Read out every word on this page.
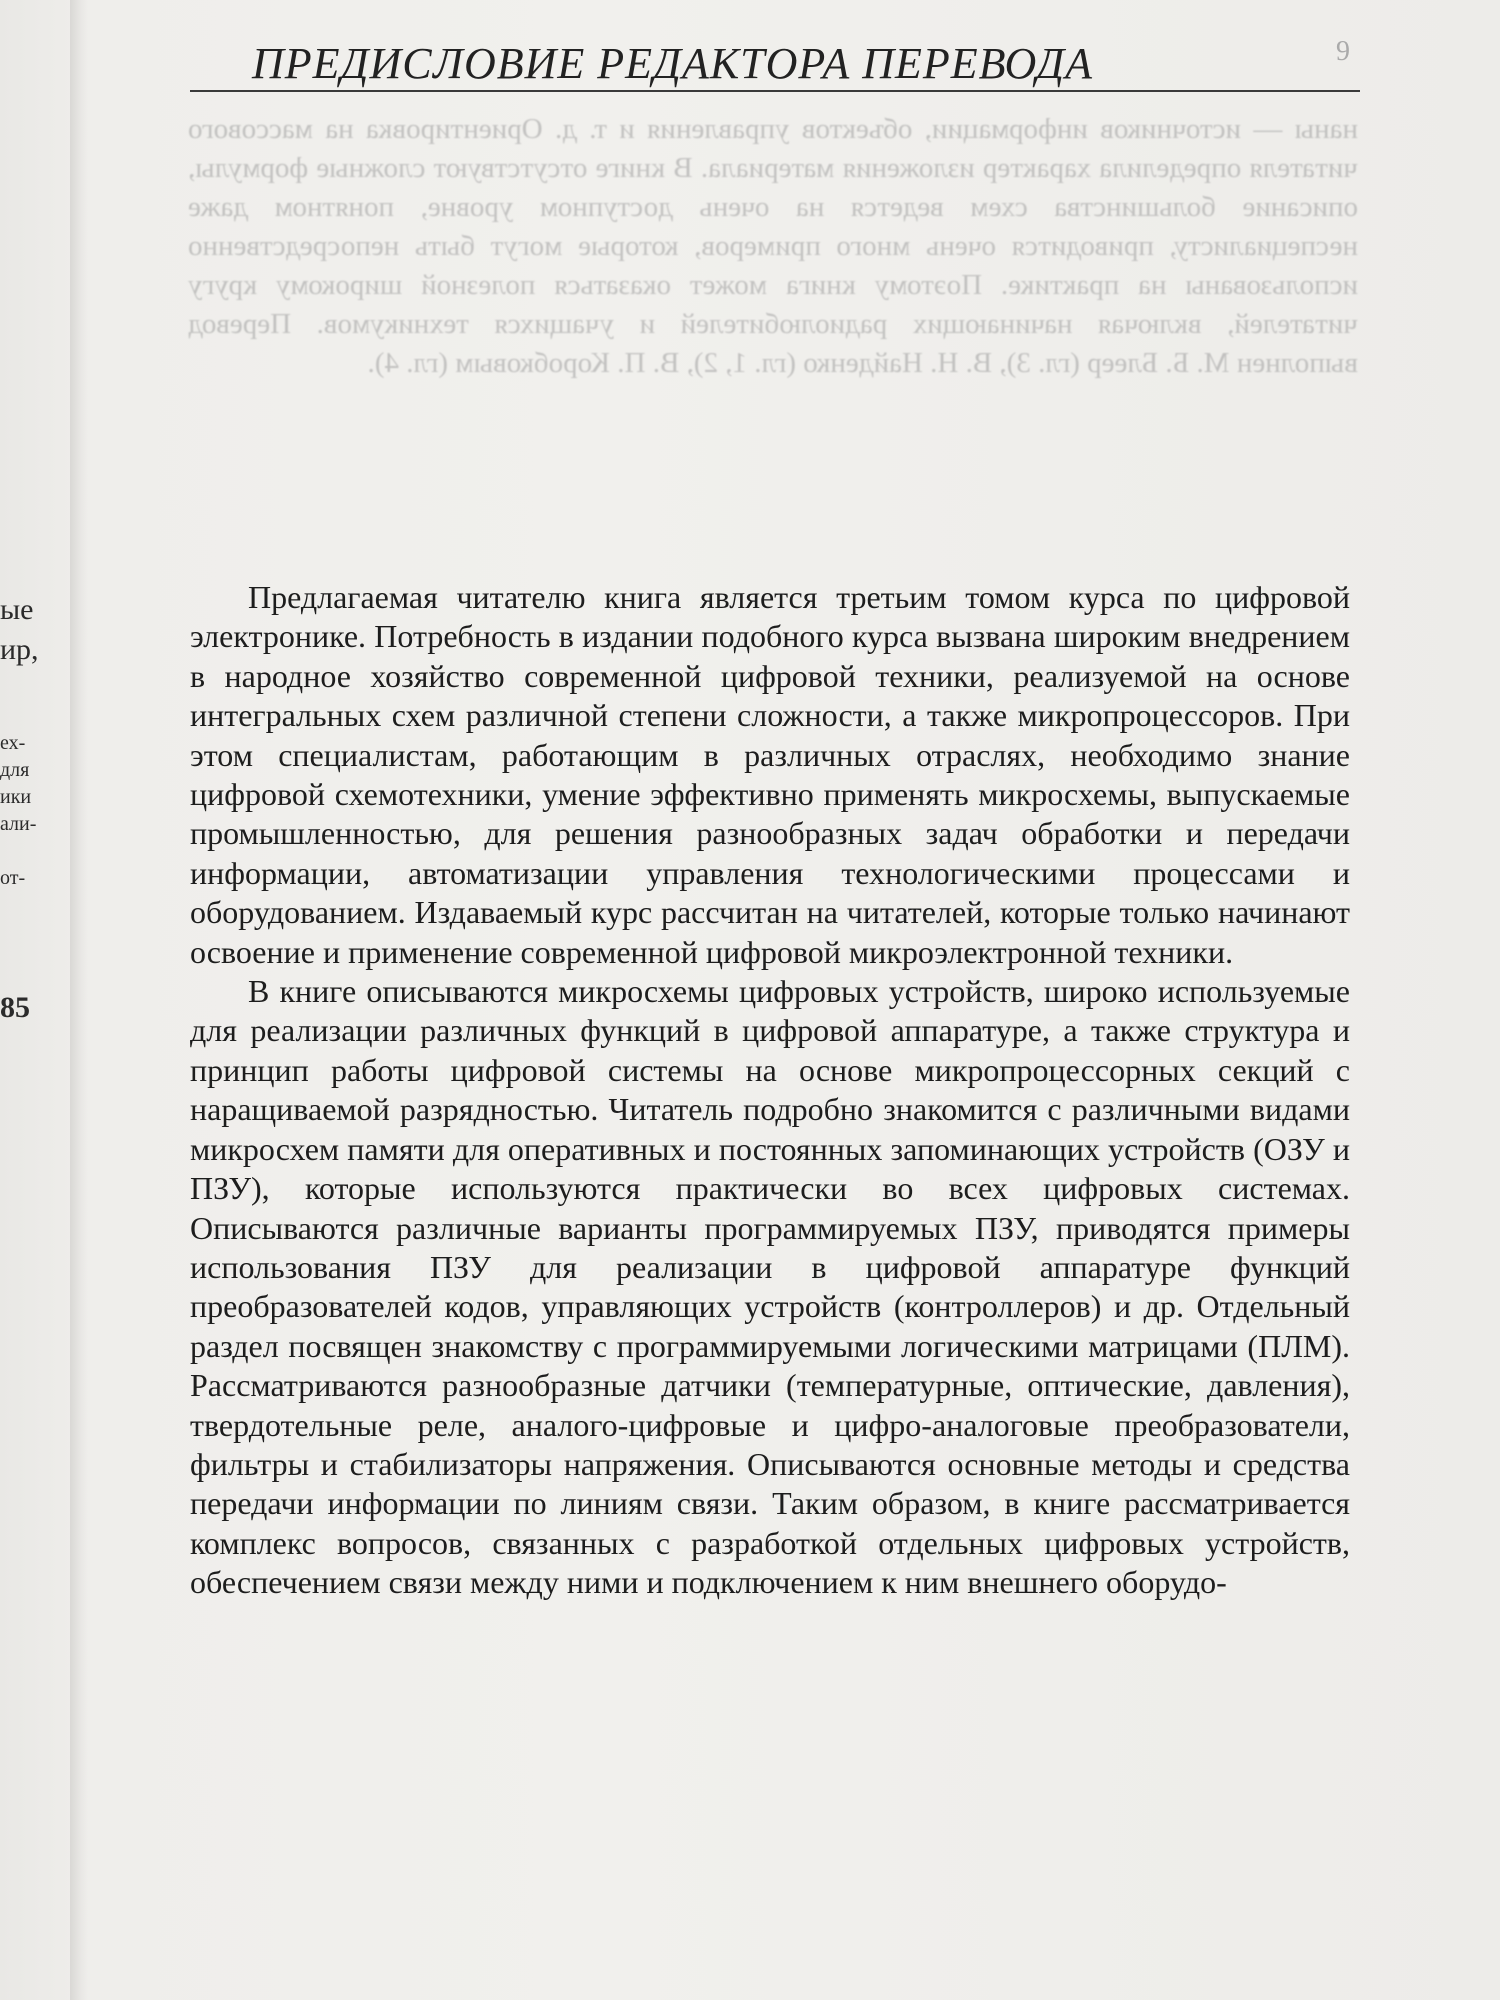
ые
ир,
ех-
для
ики
али-

от-
85
ПРЕДИСЛОВИЕ РЕДАКТОРА ПЕРЕВОДА	9
наны — источников информации, объектов управления и т. д. Ориентировка на массового читателя определила характер изложения материала. В книге отсутствуют сложные формулы, описание большинства схем ведется на очень доступном уровне, понятном даже неспециалисту, приводится очень много примеров, которые могут быть непосредственно использованы на практике. Поэтому книга может оказаться полезной широкому кругу читателей, включая начинающих радиолюбителей и учащихся техникумов. Перевод выполнен М. Б. Блеер (гл. 3), В. Н. Найденко (гл. 1, 2), В. П. Коробковым (гл. 4).

Предлагаемая читателю книга является третьим томом курса по цифровой электронике. Потребность в издании подобного курса вызвана широким внедрением в народное хозяйство современной цифровой техники, реализуемой на основе интегральных схем различной степени сложности, а также микропроцессоров. При этом специалистам, работающим в различных отраслях, необходимо знание цифровой схемотехники, умение эффективно применять микросхемы, выпускаемые промышленностью, для решения разнообразных задач обработки и передачи информации, автоматизации управления технологическими процессами и оборудованием. Издаваемый курс рассчитан на читателей, которые только начинают освоение и применение современной цифровой микроэлектронной техники.

В книге описываются микросхемы цифровых устройств, широко используемые для реализации различных функций в цифровой аппаратуре, а также структура и принцип работы цифровой системы на основе микропроцессорных секций с наращиваемой разрядностью. Читатель подробно знакомится с различными видами микросхем памяти для оперативных и постоянных запоминающих устройств (ОЗУ и ПЗУ), которые используются практически во всех цифровых системах. Описываются различные варианты программируемых ПЗУ, приводятся примеры использования ПЗУ для реализации в цифровой аппаратуре функций преобразователей кодов, управляющих устройств (контроллеров) и др. Отдельный раздел посвящен знакомству с программируемыми логическими матрицами (ПЛМ). Рассматриваются разнообразные датчики (температурные, оптические, давления), твердотельные реле, аналого-цифровые и цифро-аналоговые преобразователи, фильтры и стабилизаторы напряжения. Описываются основные методы и средства передачи информации по линиям связи. Таким образом, в книге рассматривается комплекс вопросов, связанных с разработкой отдельных цифровых устройств, обеспечением связи между ними и подключением к ним внешнего оборудо-
